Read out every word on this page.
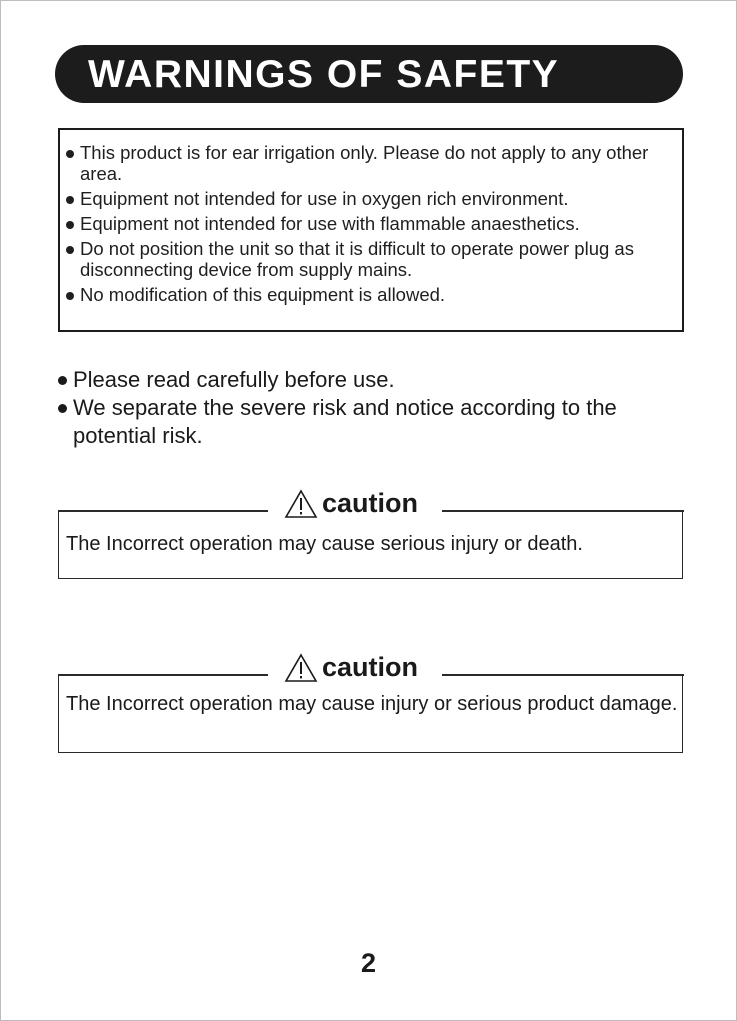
WARNINGS OF SAFETY
This product is for ear irrigation only. Please do not apply to any other area.
Equipment not intended for use in oxygen rich environment.
Equipment not intended for use with flammable anaesthetics.
Do not position the unit so that it is difficult to operate power plug as disconnecting device from supply mains.
No modification of this equipment is allowed.
Please read carefully before use.
We separate the severe risk and notice according to the potential risk.
caution
The Incorrect operation may cause serious injury or death.
caution
The Incorrect operation may cause injury or serious product damage.
2
